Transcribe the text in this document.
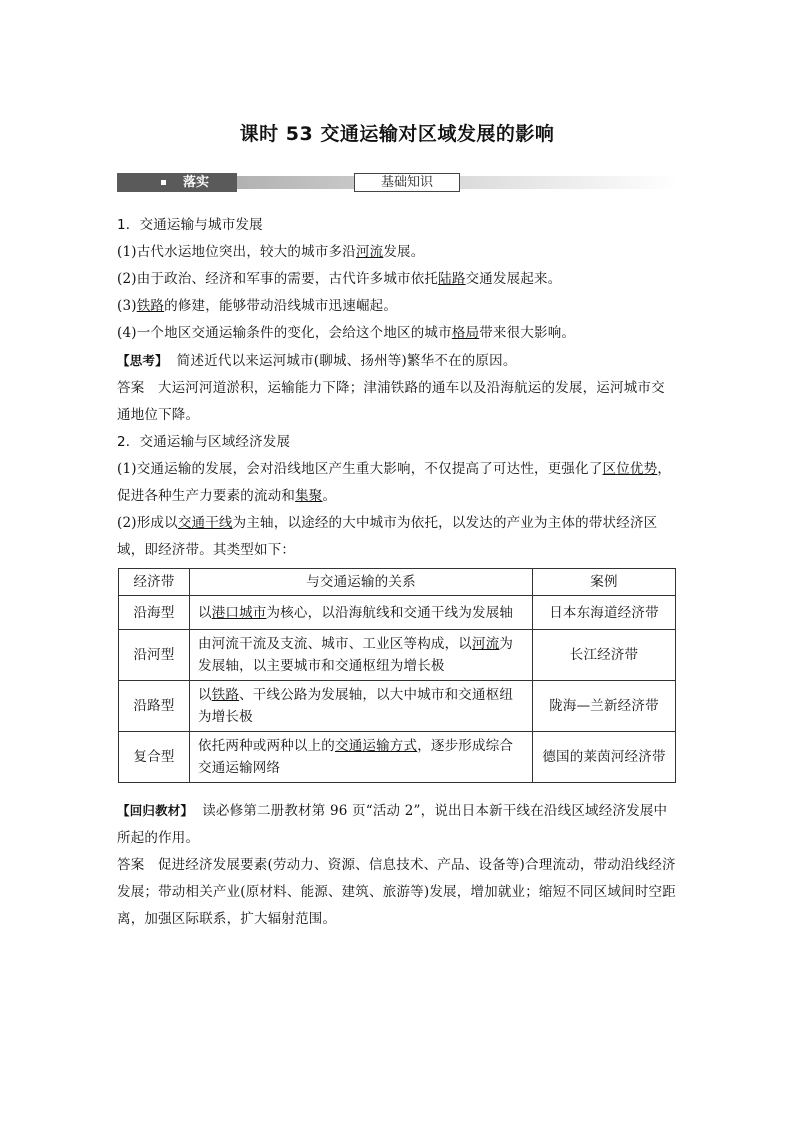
课时 53 交通运输对区域发展的影响
落实	基础知识

1．交通运输与城市发展

(1)古代水运地位突出，较大的城市多沿河流发展。

(2)由于政治、经济和军事的需要，古代许多城市依托陆路交通发展起来。

(3)铁路的修建，能够带动沿线城市迅速崛起。

(4)一个地区交通运输条件的变化，会给这个地区的城市格局带来很大影响。

【思考】 简述近代以来运河城市(聊城、扬州等)繁华不在的原因。

答案 大运河河道淤积，运输能力下降；津浦铁路的通车以及沿海航运的发展，运河城市交通地位下降。

2．交通运输与区域经济发展

(1)交通运输的发展，会对沿线地区产生重大影响，不仅提高了可达性，更强化了区位优势，促进各种生产力要素的流动和集聚。

(2)形成以交通干线为主轴，以途经的大中城市为依托，以发达的产业为主体的带状经济区域，即经济带。其类型如下：

经济带	与交通运输的关系	案例
沿海型	以港口城市为核心，以沿海航线和交通干线为发展轴	日本东海道经济带
沿河型	由河流干流及支流、城市、工业区等构成，以河流为发展轴，以主要城市和交通枢纽为增长极	长江经济带
沿路型	以铁路、干线公路为发展轴，以大中城市和交通枢纽为增长极	陇海—兰新经济带
复合型	依托两种或两种以上的交通运输方式，逐步形成综合交通运输网络	德国的莱茵河经济带

【回归教材】 读必修第二册教材第 96 页“活动 2”，说出日本新干线在沿线区域经济发展中所起的作用。

答案 促进经济发展要素(劳动力、资源、信息技术、产品、设备等)合理流动，带动沿线经济发展；带动相关产业(原材料、能源、建筑、旅游等)发展，增加就业；缩短不同区域间时空距离，加强区际联系，扩大辐射范围。
